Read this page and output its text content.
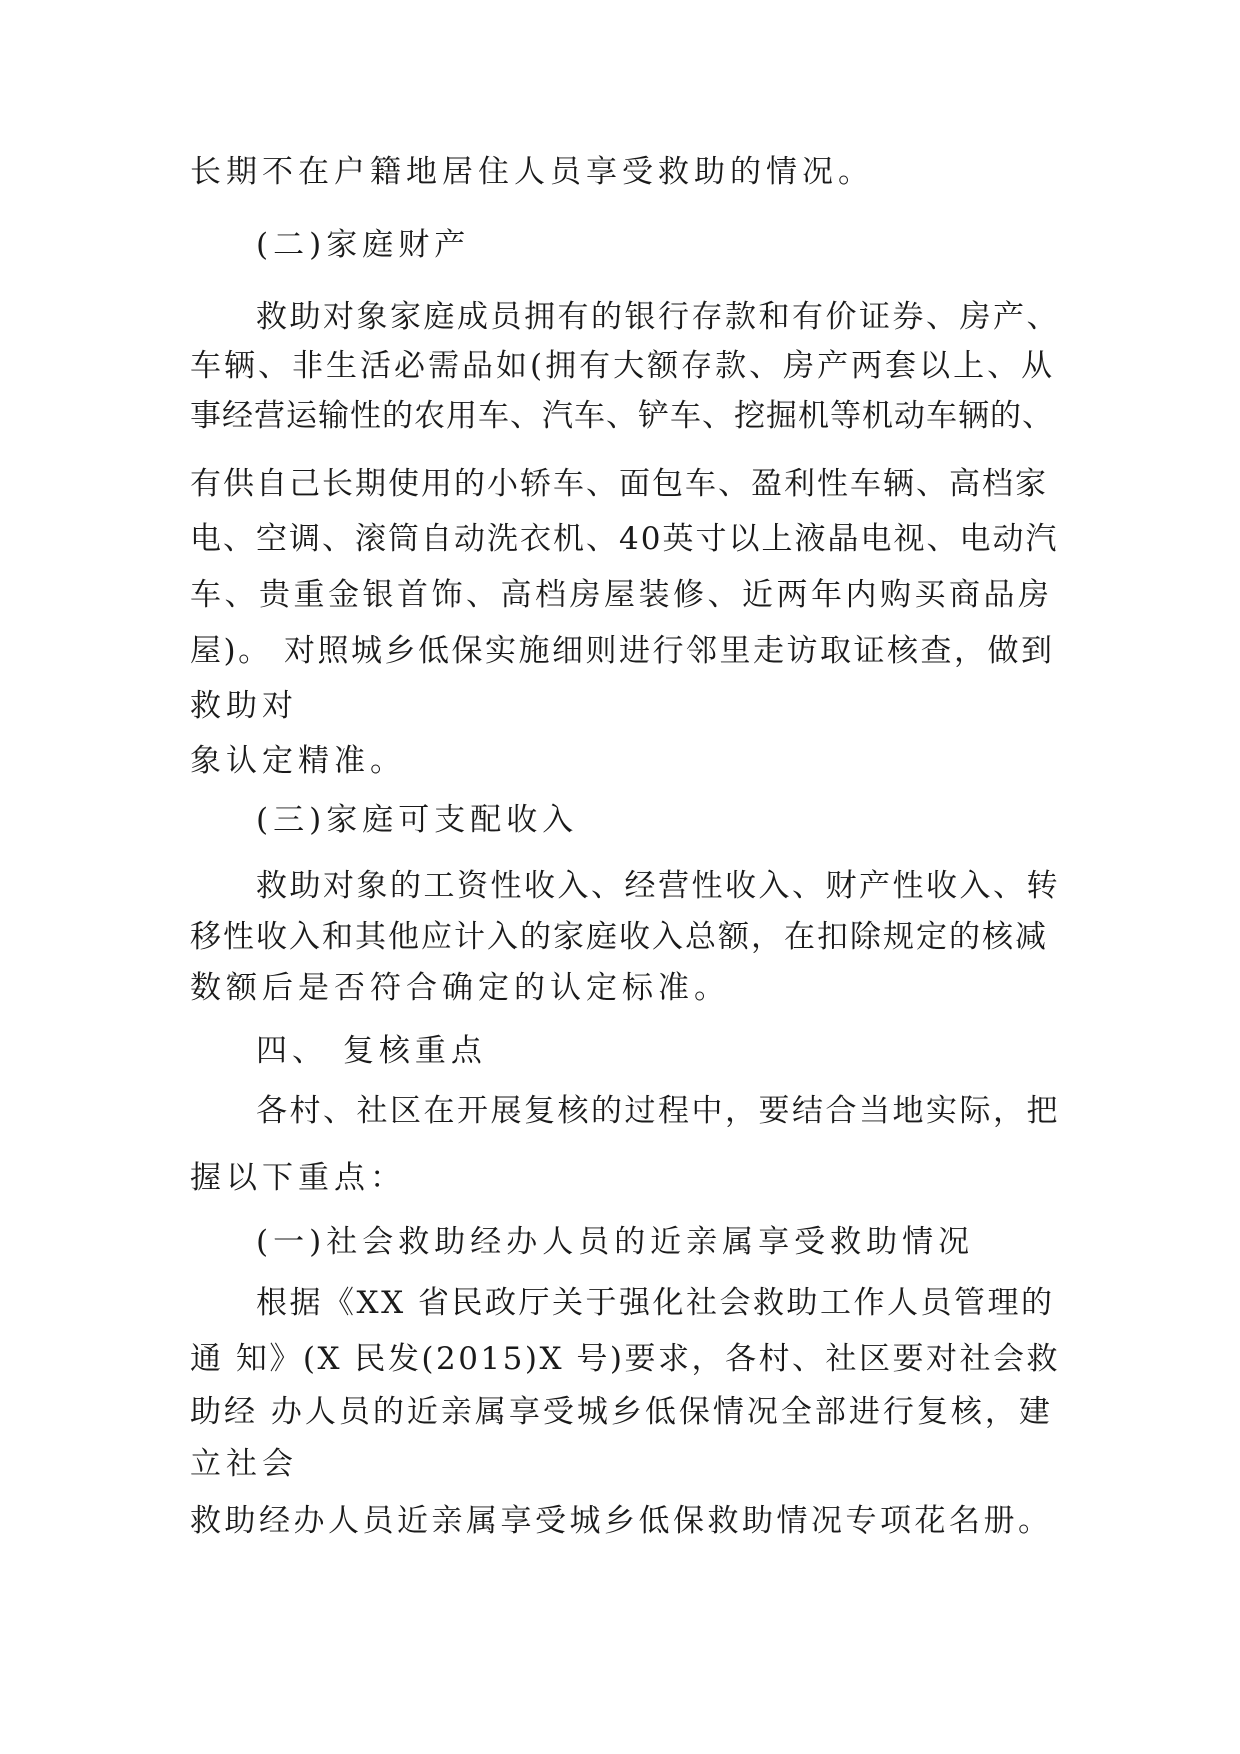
长期不在户籍地居住人员享受救助的情况。
(二)家庭财产
救助对象家庭成员拥有的银行存款和有价证券、房产、
车辆、非生活必需品如(拥有大额存款、房产两套以上、从
事经营运输性的农用车、汽车、铲车、挖掘机等机动车辆的、
有供自己长期使用的小轿车、面包车、盈利性车辆、高档家
电、空调、滚筒自动洗衣机、40英寸以上液晶电视、电动汽
车、贵重金银首饰、高档房屋装修、近两年内购买商品房
屋)。 对照城乡低保实施细则进行邻里走访取证核查，做到
救助对
象认定精准。
(三)家庭可支配收入
救助对象的工资性收入、经营性收入、财产性收入、转
移性收入和其他应计入的家庭收入总额，在扣除规定的核减
数额后是否符合确定的认定标准。
四、 复核重点
各村、社区在开展复核的过程中，要结合当地实际，把
握以下重点：
(一)社会救助经办人员的近亲属享受救助情况
根据《XX 省民政厅关于强化社会救助工作人员管理的
通 知》(X 民发(2015)X 号)要求，各村、社区要对社会救
助经 办人员的近亲属享受城乡低保情况全部进行复核，建
立社会
救助经办人员近亲属享受城乡低保救助情况专项花名册。
